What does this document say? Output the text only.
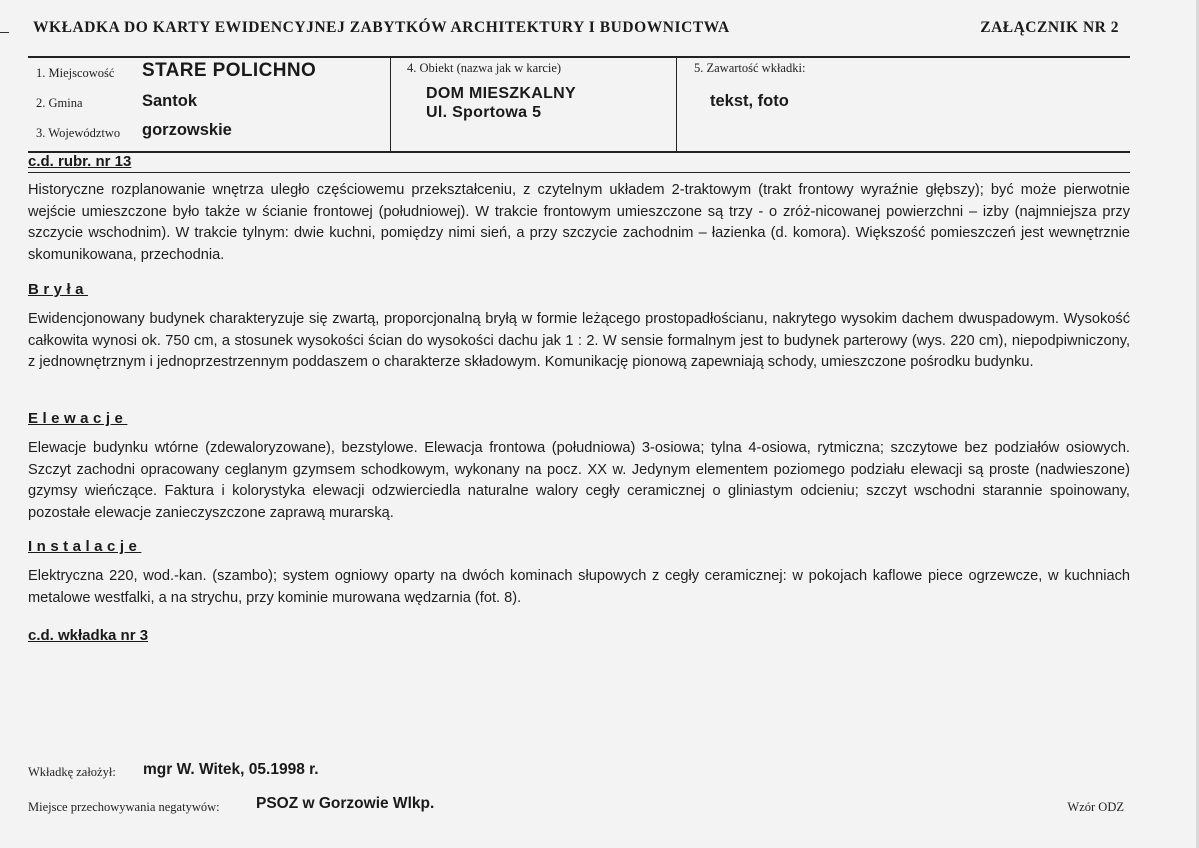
WKŁADKA DO KARTY EWIDENCYJNEJ ZABYTKÓW ARCHITEKTURY I BUDOWNICTWA	ZAŁĄCZNIK NR 2
1. Miejscowość STARE POLICHNO
2. Gmina	Santok
3. Województwo gorzowskie
4. Obiekt (nazwa jak w karcie)
DOM MIESZKALNY
Ul. Sportowa 5
5. Zawartość wkładki:
tekst, foto
c.d. rubr. nr 13
Historyczne rozplanowanie wnętrza uległo częściowemu przekształceniu, z czytelnym układem 2-traktowym (trakt frontowy wyraźnie głębszy); być może pierwotnie wejście umieszczone było także w ścianie frontowej (południowej). W trakcie frontowym umieszczone są trzy - o zróż-nicowanej powierzchni – izby (najmniejsza przy szczycie wschodnim). W trakcie tylnym: dwie kuchni, pomiędzy nimi sień, a przy szczycie zachodnim – łazienka (d. komora). Większość pomieszczeń jest wewnętrznie skomunikowana, przechodnia.
Bryła
Ewidencjonowany budynek charakteryzuje się zwartą, proporcjonalną bryłą w formie leżącego prostopadłościanu, nakrytego wysokim dachem dwuspadowym. Wysokość całkowita wynosi ok. 750 cm, a stosunek wysokości ścian do wysokości dachu jak 1 : 2. W sensie formalnym jest to budynek parterowy (wys. 220 cm), niepodpiwniczony, z jednownętrznym i jednoprzestrzennym poddaszem o charakterze składowym. Komunikację pionową zapewniają schody, umieszczone pośrodku budynku.
Elewacje
Elewacje budynku wtórne (zdewaloryzowane), bezstylowe. Elewacja frontowa (południowa) 3-osiowa; tylna 4-osiowa, rytmiczna; szczytowe bez podziałów osiowych. Szczyt zachodni opracowany ceglanym gzymsem schodkowym, wykonany na pocz. XX w. Jedynym elementem poziomego podziału elewacji są proste (nadwieszone) gzymsy wieńczące. Faktura i kolorystyka elewacji odzwierciedla naturalne walory cegły ceramicznej o gliniastym odcieniu; szczyt wschodni starannie spoinowany, pozostałe elewacje zanieczyszczone zaprawą murarską.
Instalacje
Elektryczna 220, wod.-kan. (szambo); system ogniowy oparty na dwóch kominach słupowych z cegły ceramicznej: w pokojach kaflowe piece ogrzewcze, w kuchniach metalowe westfalki, a na strychu, przy kominie murowana wędzarnia (fot. 8).
c.d. wkładka nr 3
Wkładkę założył: mgr W. Witek, 05.1998 r.
Miejsce przechowywania negatywów: PSOZ w Gorzowie Wlkp.	Wzór ODZ
